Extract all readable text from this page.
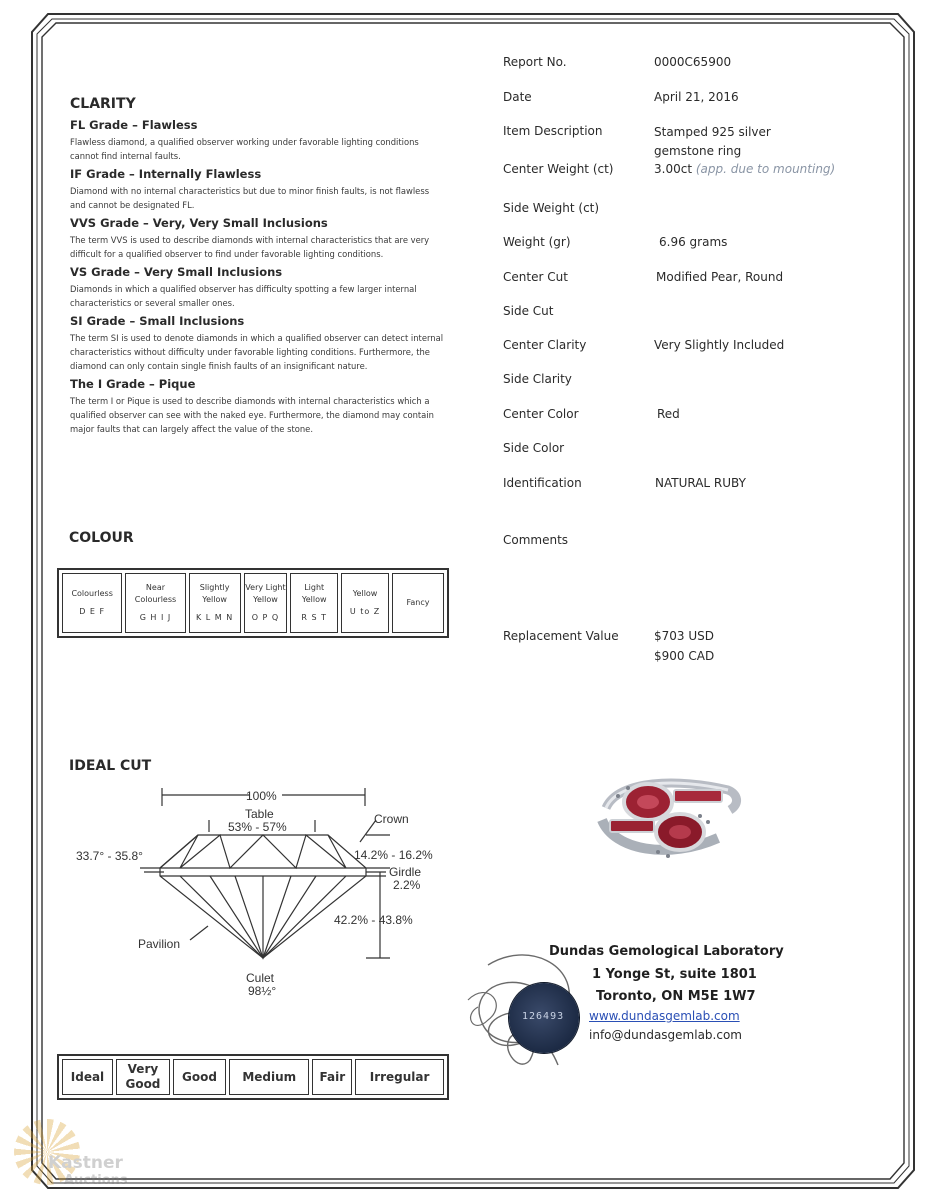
CLARITY
FL Grade – Flawless
Flawless diamond, a qualified observer working under favorable lighting conditions cannot find internal faults.
IF Grade – Internally Flawless
Diamond with no internal characteristics but due to minor finish faults, is not flawless and cannot be designated FL.
VVS Grade – Very, Very Small Inclusions
The term VVS is used to describe diamonds with internal characteristics that are very difficult for a qualified observer to find under favorable lighting conditions.
VS Grade – Very Small Inclusions
Diamonds in which a qualified observer has difficulty spotting a few larger internal characteristics or several smaller ones.
SI Grade – Small Inclusions
The term SI is used to denote diamonds in which a qualified observer can detect internal characteristics without difficulty under favorable lighting conditions. Furthermore, the diamond can only contain single finish faults of an insignificant nature.
The I Grade – Pique
The term I or Pique is used to describe diamonds with internal characteristics which a qualified observer can see with the naked eye. Furthermore, the diamond may contain major faults that can largely affect the value of the stone.
COLOUR
Colourless
D E F
	Near Colourless
G H I J
	Slightly Yellow
K L M N
	Very Light Yellow
O P Q
	Light Yellow
R S T
	Yellow
U to Z
	Fancy
IDEAL CUT
100%
Table
53% - 57%
Crown
33.7° - 35.8°	14.2% - 16.2%
Girdle
2.2%
42.2% - 43.8%
Pavilion
Culet
98½°
Ideal	Very Good	Good	Medium	Fair	Irregular
Report No.	0000C65900
Date	April 21, 2016
Item Description	Stamped 925 silver gemstone ring
Center Weight (ct)	3.00ct (app. due to mounting)
Side Weight (ct)
Weight (gr)	6.96 grams
Center Cut	Modified Pear, Round
Side Cut
Center Clarity	Very Slightly Included
Side Clarity
Center Color	Red
Side Color
Identification	NATURAL RUBY
Comments
Replacement Value	$703 USD
$900 CAD
126493
Dundas Gemological Laboratory
1 Yonge St, suite 1801
Toronto, ON M5E 1W7
www.dundasgemlab.com
info@dundasgemlab.com
Kastner
Auctions
